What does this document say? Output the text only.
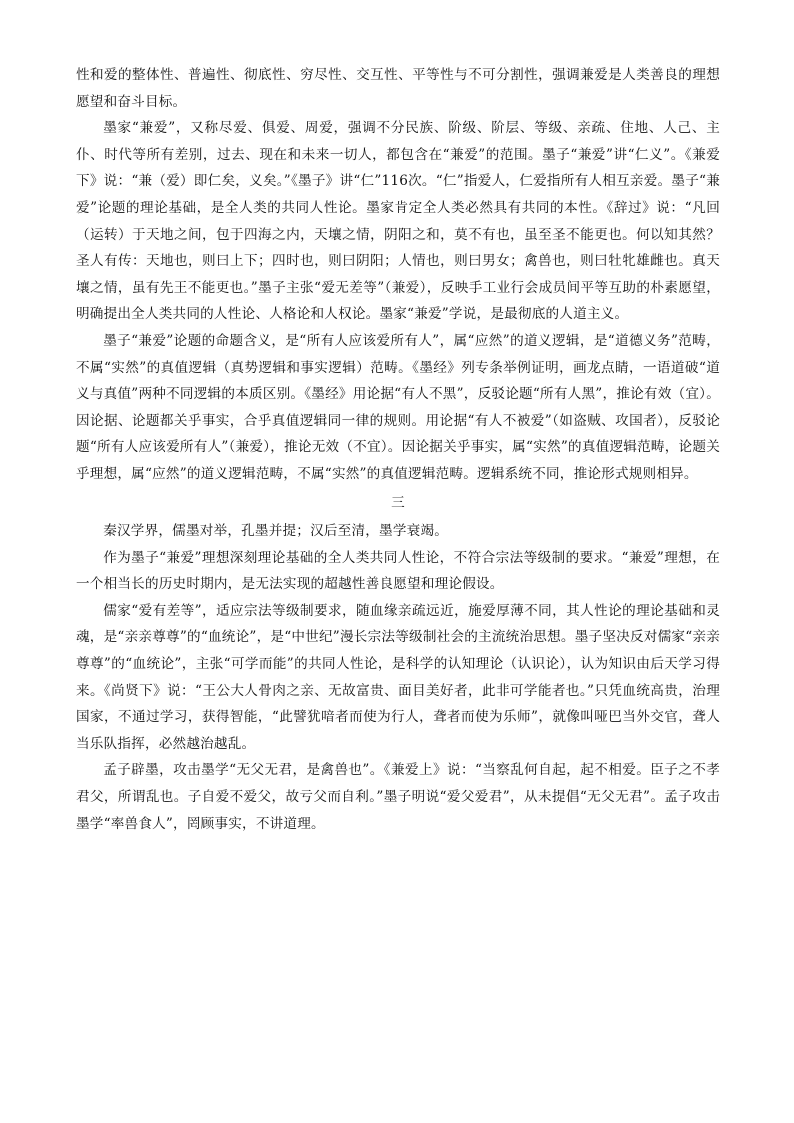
性和爱的整体性、普遍性、彻底性、穷尽性、交互性、平等性与不可分割性，强调兼爱是人类善良的理想愿望和奋斗目标。

墨家“兼爱”，又称尽爱、俱爱、周爱，强调不分民族、阶级、阶层、等级、亲疏、住地、人己、主仆、时代等所有差别，过去、现在和未来一切人，都包含在“兼爱”的范围。墨子“兼爱”讲“仁义”。《兼爱下》说：“兼（爱）即仁矣，义矣。”《墨子》讲“仁”116次。“仁”指爱人，仁爱指所有人相互亲爱。墨子“兼爱”论题的理论基础，是全人类的共同人性论。墨家肯定全人类必然具有共同的本性。《辞过》说：“凡回（运转）于天地之间，包于四海之内，天壤之情，阴阳之和，莫不有也，虽至圣不能更也。何以知其然？圣人有传：天地也，则曰上下；四时也，则曰阴阳；人情也，则曰男女；禽兽也，则曰牡牝雄雌也。真天壤之情，虽有先王不能更也。”墨子主张“爱无差等”（兼爱），反映手工业行会成员间平等互助的朴素愿望，明确提出全人类共同的人性论、人格论和人权论。墨家“兼爱”学说，是最彻底的人道主义。

墨子“兼爱”论题的命题含义，是“所有人应该爱所有人”，属“应然”的道义逻辑，是“道德义务”范畴，不属“实然”的真值逻辑（真势逻辑和事实逻辑）范畴。《墨经》列专条举例证明，画龙点睛，一语道破“道义与真值”两种不同逻辑的本质区别。《墨经》用论据“有人不黑”，反驳论题“所有人黑”，推论有效（宜）。因论据、论题都关乎事实，合乎真值逻辑同一律的规则。用论据“有人不被爱”（如盗贼、攻国者），反驳论题“所有人应该爱所有人”（兼爱），推论无效（不宜）。因论据关乎事实，属“实然”的真值逻辑范畴，论题关乎理想，属“应然”的道义逻辑范畴，不属“实然”的真值逻辑范畴。逻辑系统不同，推论形式规则相异。

三

秦汉学界，儒墨对举，孔墨并提；汉后至清，墨学衰竭。

作为墨子“兼爱”理想深刻理论基础的全人类共同人性论，不符合宗法等级制的要求。“兼爱”理想，在一个相当长的历史时期内，是无法实现的超越性善良愿望和理论假设。

儒家“爱有差等”，适应宗法等级制要求，随血缘亲疏远近，施爱厚薄不同，其人性论的理论基础和灵魂，是“亲亲尊尊”的“血统论”，是“中世纪”漫长宗法等级制社会的主流统治思想。墨子坚决反对儒家“亲亲尊尊”的“血统论”，主张“可学而能”的共同人性论，是科学的认知理论（认识论），认为知识由后天学习得来。《尚贤下》说：“王公大人骨肉之亲、无故富贵、面目美好者，此非可学能者也。”只凭血统高贵，治理国家，不通过学习，获得智能，“此譬犹喑者而使为行人，聋者而使为乐师”，就像叫哑巴当外交官，聋人当乐队指挥，必然越治越乱。

孟子辟墨，攻击墨学“无父无君，是禽兽也”。《兼爱上》说：“当察乱何自起，起不相爱。臣子之不孝君父，所谓乱也。子自爱不爱父，故亏父而自利。”墨子明说“爱父爱君”，从未提倡“无父无君”。孟子攻击墨学“率兽食人”，罔顾事实，不讲道理。
